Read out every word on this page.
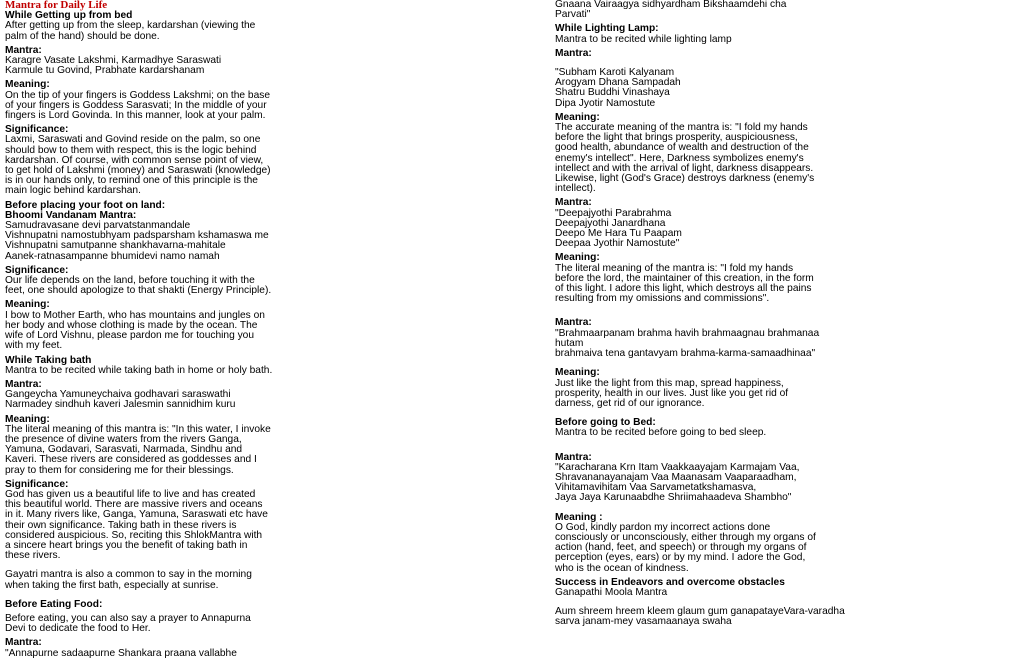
Mantra for Daily Life
While Getting up from bed
After getting up from the sleep, kardarshan (viewing the
palm of the hand) should be done.
Mantra:
Karagre Vasate Lakshmi, Karmadhye Saraswati
Karmule tu Govind, Prabhate kardarshanam
Meaning:
On the tip of your fingers is Goddess Lakshmi; on the base
of your fingers is Goddess Sarasvati; In the middle of your
fingers is Lord Govinda. In this manner, look at your palm.
Significance:
Laxmi, Saraswati and Govind reside on the palm, so one
should bow to them with respect, this is the logic behind
kardarshan. Of course, with common sense point of view,
to get hold of Lakshmi (money) and Saraswati (knowledge)
is in our hands only, to remind one of this principle is the
main logic behind kardarshan.
Before placing your foot on land:
Bhoomi Vandanam Mantra:
Samudravasane devi parvatstanmandale
Vishnupatni namostubhyam padsparsham kshamaswa me
Vishnupatni samutpanne shankhavarna-mahitale
Aanek-ratnasampanne bhumidevi namo namah
Significance:
Our life depends on the land, before touching it with the
feet, one should apologize to that shakti (Energy Principle).
Meaning:
I bow to Mother Earth, who has mountains and jungles on
her body and whose clothing is made by the ocean. The
wife of Lord Vishnu, please pardon me for touching you
with my feet.
While Taking bath
Mantra to be recited while taking bath in home or holy bath.
Mantra:
Gangeycha Yamuneychaiva godhavari saraswathi
Narmadey sindhuh kaveri Jalesmin sannidhim kuru
Meaning:
The literal meaning of this mantra is: "In this water, I invoke
the presence of divine waters from the rivers Ganga,
Yamuna, Godavari, Sarasvati, Narmada, Sindhu and
Kaveri. These rivers are considered as goddesses and I
pray to them for considering me for their blessings.
Significance:
God has given us a beautiful life to live and has created
this beautiful world. There are massive rivers and oceans
in it. Many rivers like, Ganga, Yamuna, Saraswati etc have
their own significance. Taking bath in these rivers is
considered auspicious. So, reciting this ShlokMantra with
a sincere heart brings you the benefit of taking bath in
these rivers.
Gayatri mantra is also a common to say in the morning
when taking the first bath, especially at sunrise.
Before Eating Food:
Before eating, you can also say a prayer to Annapurna
Devi to dedicate the food to Her.
Mantra:
"Annapurne sadaapurne Shankara praana vallabhe
Gnaana Vairaagya sidhyardham Bikshaamdehi cha
Parvati"
While Lighting Lamp:
Mantra to be recited while lighting lamp
Mantra:
"Subham Karoti Kalyanam
Arogyam Dhana Sampadah
Shatru Buddhi Vinashaya
Dipa Jyotir Namostute
Meaning:
The accurate meaning of the mantra is: "I fold my hands
before the light that brings prosperity, auspiciousness,
good health, abundance of wealth and destruction of the
enemy's intellect". Here, Darkness symbolizes enemy's
intellect and with the arrival of light, darkness disappears.
Likewise, light (God's Grace) destroys darkness (enemy's
intellect).
Mantra:
"Deepajyothi Parabrahma
Deepajyothi Janardhana
Deepo Me Hara Tu Paapam
Deepaa Jyothir Namostute"
Meaning:
The literal meaning of the mantra is: "I fold my hands
before the lord, the maintainer of this creation, in the form
of this light. I adore this light, which destroys all the pains
resulting from my omissions and commissions".
Mantra:
"Brahmaarpanam brahma havih brahmaagnau brahmanaa
hutam
brahmaiva tena gantavyam brahma-karma-samaadhinaa"
Meaning:
Just like the light from this map, spread happiness,
prosperity, health in our lives. Just like you get rid of
darness, get rid of our ignorance.
Before going to Bed:
Mantra to be recited before going to bed sleep.
Mantra:
"Karacharana Krn Itam Vaakkaayajam Karmajam Vaa,
Shravananayanajam Vaa Maanasam Vaaparaadham,
Vihitamavihitam Vaa Sarvametatkshamasva,
Jaya Jaya Karunaabdhe Shriimahaadeva Shambho"
Meaning :
O God, kindly pardon my incorrect actions done
consciously or unconsciously, either through my organs of
action (hand, feet, and speech) or through my organs of
perception (eyes, ears) or by my mind. I adore the God,
who is the ocean of kindness.
Success in Endeavors and overcome obstacles
Ganapathi Moola Mantra
Aum shreem hreem kleem glaum gum ganapatayeVara-varadha
sarva janam-mey vasamaanaya swaha
